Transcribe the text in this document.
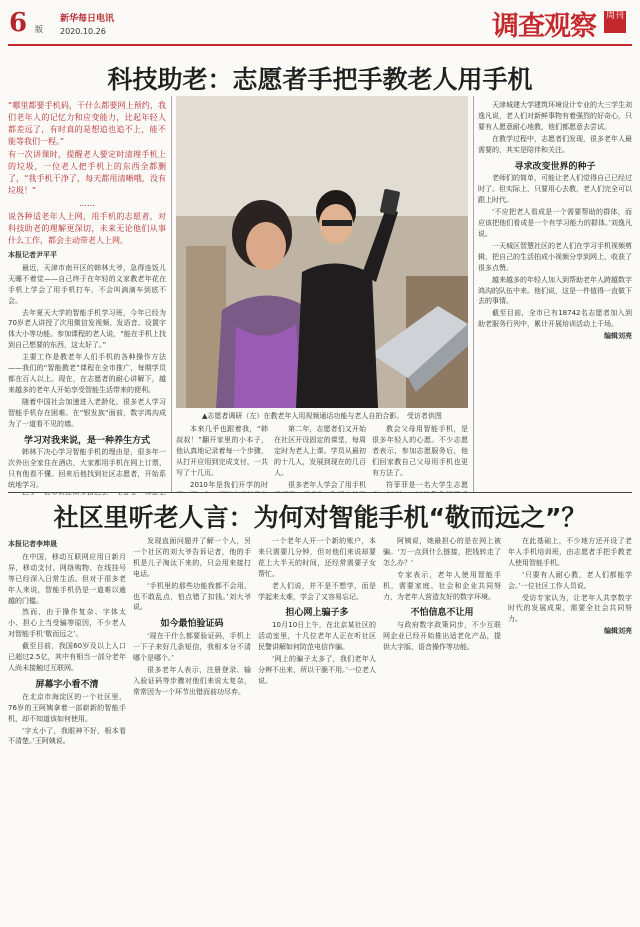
6 版
新华每日电讯
2020.10.26	调查观察 周刊
科技助老：志愿者手把手教老人用手机

“哪里都要手机码，干什么都要网上预约，我们老年人的记忆力和应变能力，比起年轻人都差远了，有时真的是想追也追不上，能不能等我们一程。”

有一次讲课时，提醒老人要定时清理手机上的垃圾，一位老人把手机上的东西全都删了，“我手机干净了，每天都用清晰哦，没有垃圾！”

……

说各种适老年人上网，用手机的志愿者，对科技助老的理解更深切，未来无论他们从事什么工作，都会主动带老人上网。

本报记者尹平平

最近，天津市南开区的韩林大爷，急得连饭儿天睡不着觉——自己终于在年轻的义家教老年花在手机上学会了用手机打车，不会叫滴滴车到底不会。

去年夏天大学的智能手机学习班，今年已经为70岁老人讲授了次用微信发视频、发语音、设置字体大小等功能。参加课程的老人说，“能在手机上找到自己想要的东西，这太好了。”

主要工作是教老年人们手机的各种操作方法——我们的“智能教老”课程在全市推广，每期学员都在百人以上。现在，在志愿者的耐心讲解下，越来越多的老年人开始享受智能生活带来的便利。

随着中国社会加速进入老龄化，很多老人学习智能手机存在困难。在“银发族”面前，数字鸿沟成为了一道看不见的墙。

学习对我来说，是一种养生方式

韩林下决心学习智能手机的理由是，很多年一次外出全家住在酒店，大家都用手机在网上订票，只有他看不懂。回来后他找到社区志愿者，开始系统地学习。

▲志愿者调研（左）在教老年人用视频通话功能与老人自拍合影。　受访者供图

本来几乎也跟着我，“韩叔叔！”翻开家里的小本子，他认真地记录着每一个步骤，从打开应用到完成支付，一共写了十几页。

2010年是我们开学的时

第二年，志愿者们又开始在社区开设固定的课堂，每周定时为老人上课。学员从最初的十几人，发展到现在的几百人。

很多老年人学会了用手机

教会父母用智能手机，是很多年轻人的心愿。不少志愿者表示，参加志愿服务后，他们回家教自己父母用手机也更有方法了。

符菲菲是一名大学生志愿

天津城建大学建筑环境设计专业的大三学生刘逸凡说，老人们对新鲜事物有着强烈的好奇心，只要有人愿意耐心地教，他们都愿意去尝试。

在教学过程中，志愿者们发现，很多老年人最需要的，其实是陪伴和关注。

寻求改变世界的种子

老师们的简单，可能让老人们觉得自己已经过时了。但实际上，只要用心去教，老人们完全可以跟上时代。

‘不应把老人看成是一个需要帮助的群体，而应该把他们看成是一个有学习能力的群体。’刘逸凡说。

一天城区智慧社区的老人们在学习手机视频剪辑，把自己的生活拍成小视频分享到网上，收获了很多点赞。

越来越多的年轻人加入到帮助老年人跨越数字鸿沟的队伍中来。他们说，这是一件值得一直做下去的事情。

截至目前，全市已有18742名志愿者加入到助老服务行列中，累计开展培训活动上千场。

编辑刘亮

社区里听老人言：为何对智能手机“敬而远之”？
本报记者李坤晟

在中国，移动互联网应用日新月异，移动支付、网络购物、在线挂号等已经深入日常生活。但对于很多老年人来说，智能手机仍是一道难以逾越的门槛。

然而，由于操作复杂、字体太小、担心上当受骗等原因，不少老人对智能手机‘敬而远之’。

截至目前，我国60岁及以上人口已超过2.5亿，其中有相当一部分老年人尚未接触过互联网。

屏幕字小看不清

在北京市海淀区的一个社区里，76岁的王阿姨拿着一部崭新的智能手机，却不知道该如何使用。

‘字太小了，我眼神不好，根本看不清楚。’王阿姨说。

发现直面问题并了解一个人，另一个社区的刘大爷告诉记者，他的手机是儿子淘汰下来的，只会用来接打电话。

‘手机里的那些功能我都不会用，也不敢乱点，怕点错了扣钱。’刘大爷说。

如今最怕验证码

‘现在干什么都要验证码，手机上一下子来好几条短信，我根本分不清哪个是哪个。’

很多老年人表示，注册登录、输入验证码等步骤对他们来说太复杂，常常因为一个环节出错而前功尽弃。

一个老年人开一个新的账户，本来只需要几分钟，但对他们来说却要花上大半天的时间，还经常需要子女帮忙。

老人们说，并不是不想学，而是学起来太难，学会了又容易忘记。

担心网上骗子多

10月10日上午，在北京某社区的活动室里，十几位老年人正在听社区民警讲解如何防范电信诈骗。

‘网上的骗子太多了，我们老年人分辨不出来，所以干脆不用。’一位老人说。

阿姨说，她最担心的是在网上被骗。‘万一点到什么链接，把钱转走了怎么办？’

专家表示，老年人使用智能手机，需要家庭、社会和企业共同努力，为老年人营造友好的数字环境。

不怕信息不让用

与政府数字政策同步，不少互联网企业已经开始推出适老化产品，提供大字版、语音操作等功能。

在此基础上，不少地方还开设了老年人手机培训班，由志愿者手把手教老人使用智能手机。

‘只要有人耐心教，老人们都能学会。’一位社区工作人员说。

受访专家认为，让老年人共享数字时代的发展成果，需要全社会共同努力。

编辑刘亮
